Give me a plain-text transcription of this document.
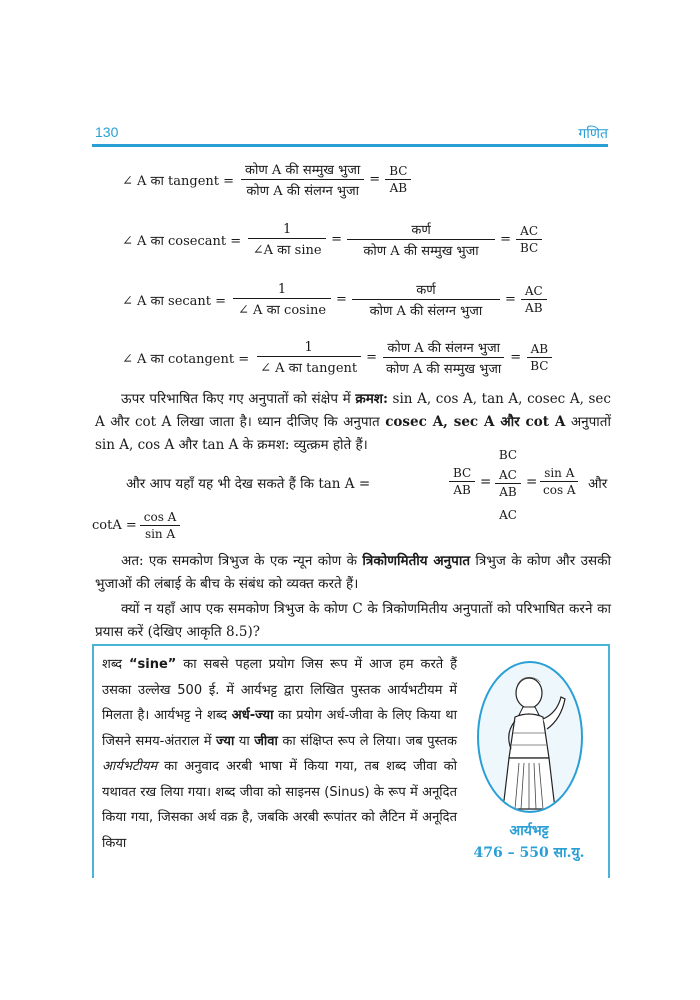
130	गणित
∠ A का tangent = $\frac{\text{कोण A की सम्मुख भुजा}}{\text{कोण A की संलग्न भुजा}} = \frac{BC}{AB}$
∠ A का cosecant = $\frac{1}{\text{∠A का sine}} = \frac{\text{कर्ण}}{\text{कोण A की सम्मुख भुजा}} = \frac{AC}{BC}$
∠ A का secant = $\frac{1}{\text{∠ A का cosine}} = \frac{\text{कर्ण}}{\text{कोण A की संलग्न भुजा}} = \frac{AC}{AB}$
∠ A का cotangent = $\frac{1}{\text{∠ A का tangent}} = \frac{\text{कोण A की संलग्न भुजा}}{\text{कोण A की सम्मुख भुजा}} = \frac{AB}{BC}$
ऊपर परिभाषित किए गए अनुपातों को संक्षेप में क्रमश: sin A, cos A, tan A, cosec A, sec A और cot A लिखा जाता है। ध्यान दीजिए कि अनुपात cosec A, sec A और cot A अनुपातों sin A, cos A और tan A के क्रमश: व्युत्क्रम होते हैं।
और आप यहाँ यह भी देख सकते हैं कि tan A =	$\frac{BC}{AB}$ =
BC
$\frac{AC}{AB}$
AC
= $\frac{\text{sin A}}{\text{cos A}}$ और
$\cot A = \frac{\text{cos A}}{\text{sin A}}$
अत: एक समकोण त्रिभुज के एक न्यून कोण के त्रिकोणमितीय अनुपात त्रिभुज के कोण और उसकी भुजाओं की लंबाई के बीच के संबंध को व्यक्त करते हैं।
क्यों न यहाँ आप एक समकोण त्रिभुज के कोण C के त्रिकोणमितीय अनुपातों को परिभाषित करने का प्रयास करें (देखिए आकृति 8.5)?
शब्द “sine” का सबसे पहला प्रयोग जिस रूप में आज हम करते हैं उसका उल्लेख 500 ई. में आर्यभट्ट द्वारा लिखित पुस्तक आर्यभटीयम में मिलता है। आर्यभट्ट ने शब्द अर्ध-ज्या का प्रयोग अर्ध-जीवा के लिए किया था जिसने समय-अंतराल में ज्या या जीवा का संक्षिप्त रूप ले लिया। जब पुस्तक आर्यभटीयम का अनुवाद अरबी भाषा में किया गया, तब शब्द जीवा को यथावत रख लिया गया। शब्द जीवा को साइनस (Sinus) के रूप में अनूदित किया गया, जिसका अर्थ वक्र है, जबकि अरबी रूपांतर को लैटिन में अनूदित किया
आर्यभट्ट
476 – 550 सा.यु.
